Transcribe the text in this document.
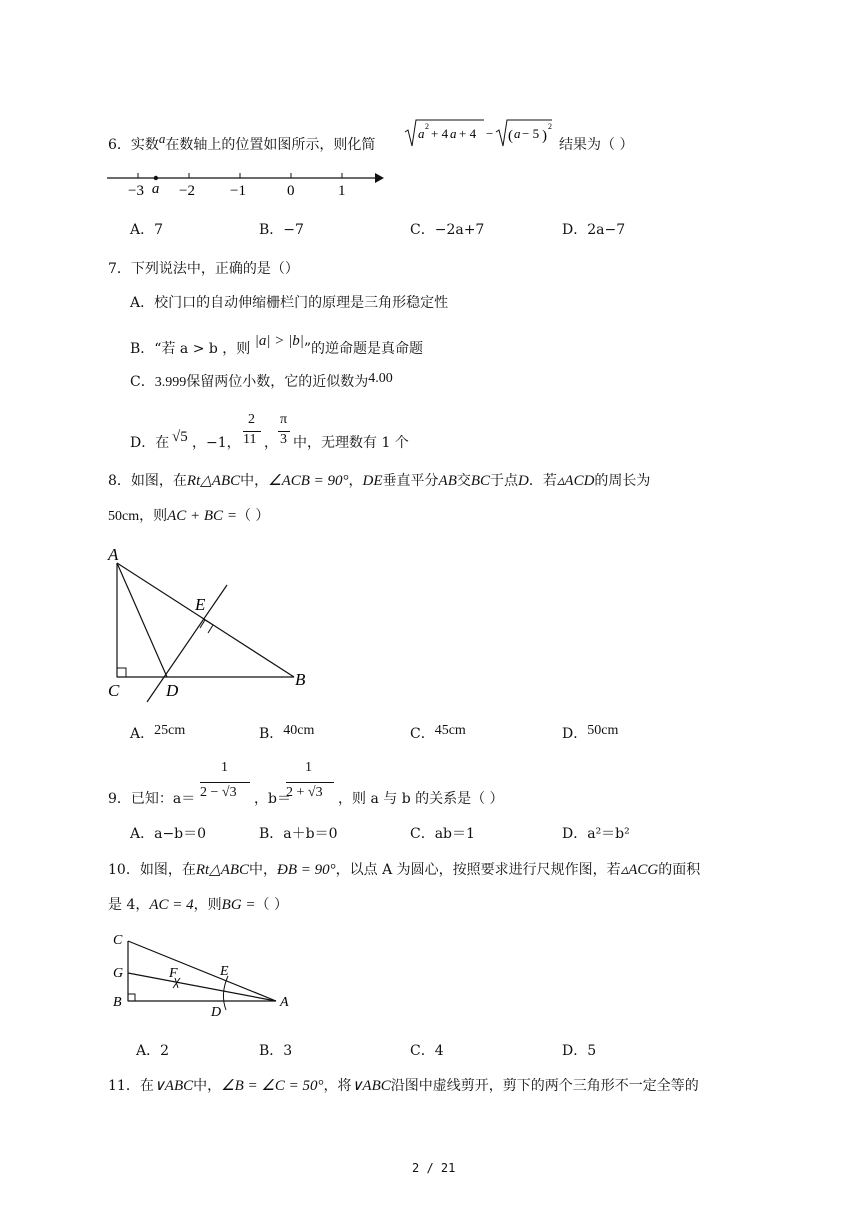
6．实数a在数轴上的位置如图所示，则化简
a 2 + 4 a + 4 − ( a − 5 )
2
结果为（ ）
−3 −2 −1	0	1
a
A．7	B．−7	C．−2a+7	D．2a−7
7．下列说法中，正确的是（）
A．校门口的自动伸缩栅栏门的原理是三角形稳定性
B．“若 a > b ，则 |a| > |b|”的逆命题是真命题
C．3.999保留两位小数，它的近似数为4.00
D．在 √5 ，−1，
2
11 ，
π
3 中，无理数有 1 个
8．如图，在Rt△ABC中，∠ACB = 90°，DE垂直平分AB交BC于点D．若▵ACD的周长为
50cm，则AC + BC =（ ）
A
E
C	D
B
A．25cm	B．40cm	C．45cm	D．50cm
9．已知：a＝
1
2 − √3 ，b＝
1
2 + √3 ，则 a 与 b 的关系是（ ）
A．a−b＝0	B．a＋b＝0	C．ab＝1	D．a²＝b²
10．如图，在Rt△ABC中，ÐB = 90°，以点 A 为圆心，按照要求进行尺规作图，若▵ACG的面积
是 4，AC = 4，则BG =（ ）
C
G
B
F	E
D
A
A．2	B．3	C．4	D．5
11．在∨ABC中，∠B = ∠C = 50°，将∨ABC沿图中虚线剪开，剪下的两个三角形不一定全等的
2 / 21
